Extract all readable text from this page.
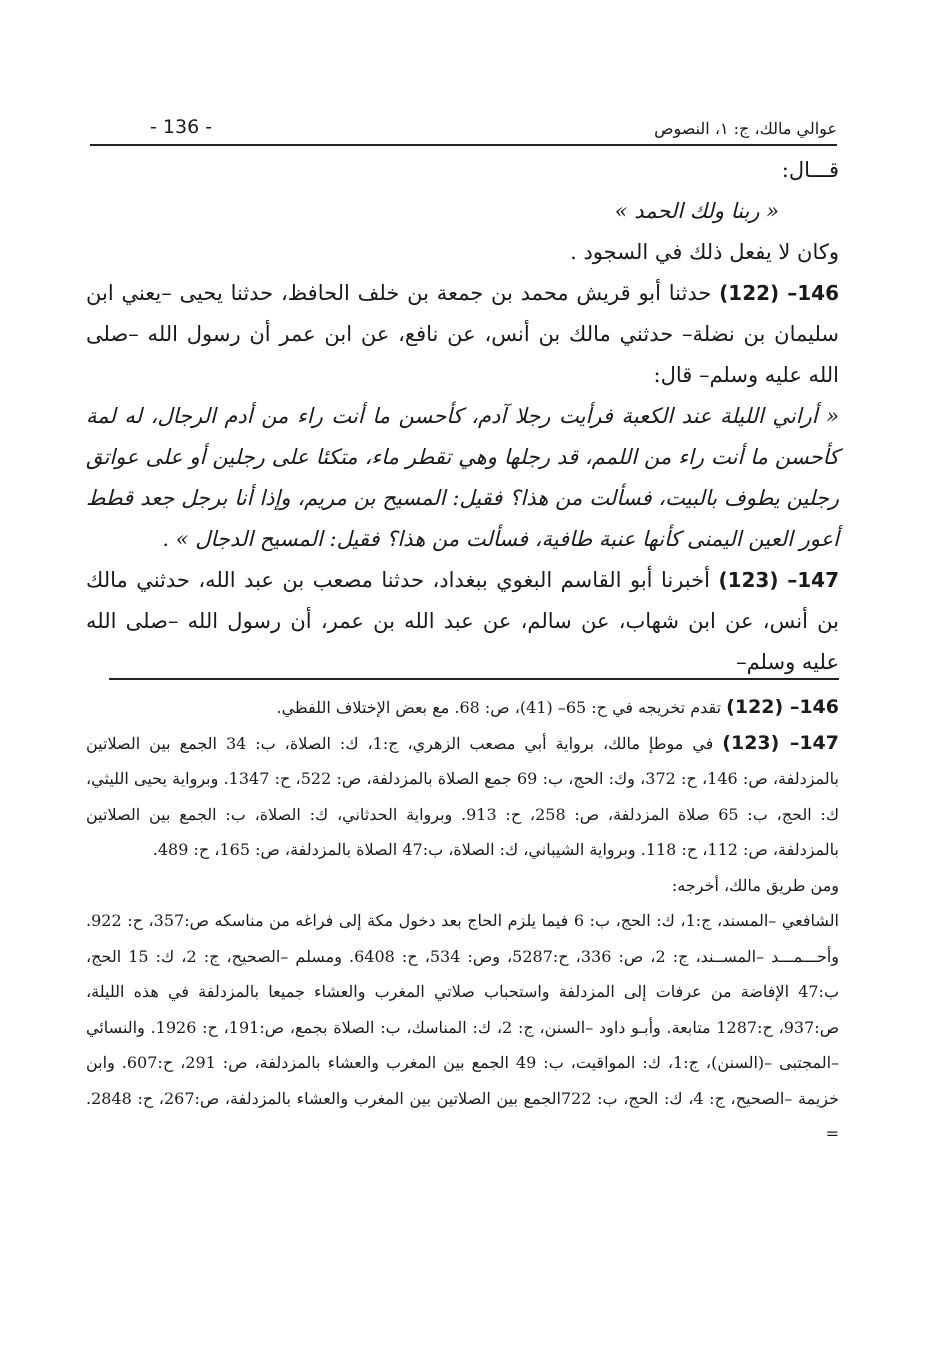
- 136 -	عوالي مالك، ج: ١، النصوص

قـــال:

« ربنا ولك الحمد »

وكان لا يفعل ذلك في السجود .

146– (122) حدثنا أبو قريش محمد بن جمعة بن خلف الحافظ، حدثنا يحيى –يعني ابن سليمان بن نضلة– حدثني مالك بن أنس، عن نافع، عن ابن عمر أن رسول الله –صلى الله عليه وسلم– قال:

« أراني الليلة عند الكعبة فرأيت رجلا آدم، كأحسن ما أنت راء من أدم الرجال، له لمة كأحسن ما أنت راء من اللمم، قد رجلها وهي تقطر ماء، متكئا على رجلين أو على عواتق رجلين يطوف بالبيت، فسألت من هذا؟ فقيل: المسيح بن مريم، وإذا أنا برجل جعد قطط أعور العين اليمنى كأنها عنبة طافية، فسألت من هذا؟ فقيل: المسيح الدجال » .

147– (123) أخبرنا أبو القاسم البغوي ببغداد، حدثنا مصعب بن عبد الله، حدثني مالك بن أنس، عن ابن شهاب، عن سالم، عن عبد الله بن عمر، أن رسول الله –صلى الله عليه وسلم–

146– (122) تقدم تخريجه في ح: 65– (41)، ص: 68. مع بعض الإختلاف اللفظي.

147– (123) في موطإ مالك، برواية أبي مصعب الزهري، ج:1، ك: الصلاة، ب: 34 الجمع بين الصلاتين بالمزدلفة، ص: 146، ح: 372، وك: الحج، ب: 69 جمع الصلاة بالمزدلفة، ص: 522، ح: 1347. وبرواية يحيى الليثي، ك: الحج، ب: 65 صلاة المزدلفة، ص: 258، ح: 913. وبرواية الحدثاني، ك: الصلاة، ب: الجمع بين الصلاتين بالمزدلفة، ص: 112، ح: 118. وبرواية الشيباني، ك: الصلاة، ب:47 الصلاة بالمزدلفة، ص: 165، ح: 489.

ومن طريق مالك، أخرجه:

الشافعي –المسند، ج:1، ك: الحج، ب: 6 فيما يلزم الحاج بعد دخول مكة إلى فراغه من مناسكه ص:357، ح: 922. وأحـــمـــد –المســند، ج: 2، ص: 336، ح:5287، وص: 534، ح: 6408. ومسلم –الصحيح، ج: 2، ك: 15 الحج، ب:47 الإفاضة من عرفات إلى المزدلفة واستحباب صلاتي المغرب والعشاء جميعا بالمزدلفة في هذه الليلة، ص:937، ح:1287 متابعة. وأبـو داود –السنن، ج: 2، ك: المناسك، ب: الصلاة بجمع، ص:191، ح: 1926. والنسائي –المجتبى –(السنن)، ج:1، ك: المواقيت، ب: 49 الجمع بين المغرب والعشاء بالمزدلفة، ص: 291، ح:607. وابن خزيمة –الصحيح، ج: 4، ك: الحج، ب: 722الجمع بين الصلاتين بين المغرب والعشاء بالمزدلفة، ص:267، ح: 2848. =
